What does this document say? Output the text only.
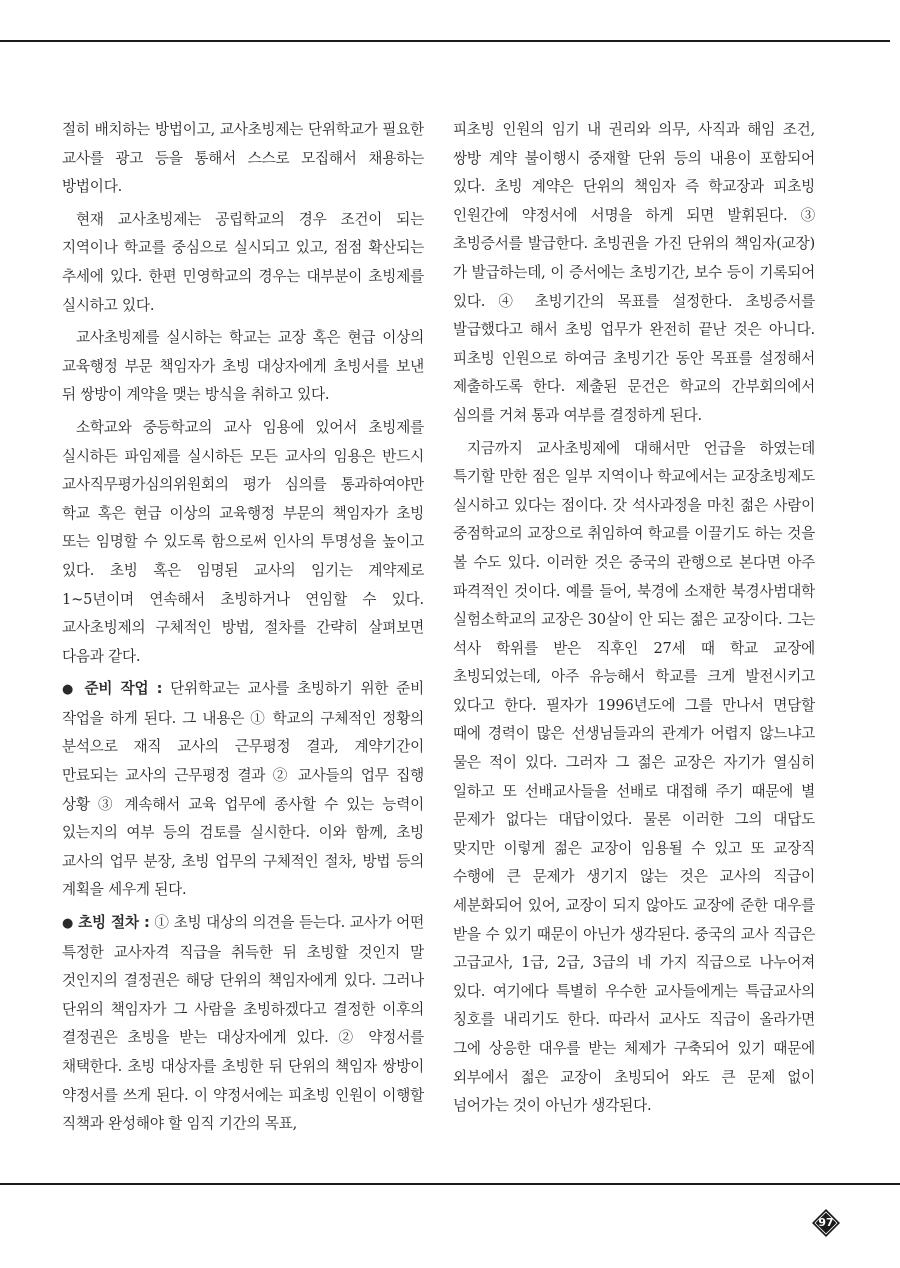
절히 배치하는 방법이고, 교사초빙제는 단위학교가 필요한 교사를 광고 등을 통해서 스스로 모집해서 채용하는 방법이다.

현재 교사초빙제는 공립학교의 경우 조건이 되는 지역이나 학교를 중심으로 실시되고 있고, 점점 확산되는 추세에 있다. 한편 민영학교의 경우는 대부분이 초빙제를 실시하고 있다.

교사초빙제를 실시하는 학교는 교장 혹은 현급 이상의 교육행정 부문 책임자가 초빙 대상자에게 초빙서를 보낸 뒤 쌍방이 계약을 맺는 방식을 취하고 있다.

소학교와 중등학교의 교사 임용에 있어서 초빙제를 실시하든 파임제를 실시하든 모든 교사의 임용은 반드시 교사직무평가심의위원회의 평가 심의를 통과하여야만 학교 혹은 현급 이상의 교육행정 부문의 책임자가 초빙 또는 임명할 수 있도록 함으로써 인사의 투명성을 높이고 있다. 초빙 혹은 임명된 교사의 임기는 계약제로 1~5년이며 연속해서 초빙하거나 연임할 수 있다. 교사초빙제의 구체적인 방법, 절차를 간략히 살펴보면 다음과 같다.

● 준비 작업 : 단위학교는 교사를 초빙하기 위한 준비 작업을 하게 된다. 그 내용은 ① 학교의 구체적인 정황의 분석으로 재직 교사의 근무평정 결과, 계약기간이 만료되는 교사의 근무평정 결과 ② 교사들의 업무 집행 상황 ③ 계속해서 교육 업무에 종사할 수 있는 능력이 있는지의 여부 등의 검토를 실시한다. 이와 함께, 초빙 교사의 업무 분장, 초빙 업무의 구체적인 절차, 방법 등의 계획을 세우게 된다.

● 초빙 절차 : ① 초빙 대상의 의견을 듣는다. 교사가 어떤 특정한 교사자격 직급을 취득한 뒤 초빙할 것인지 말 것인지의 결정권은 해당 단위의 책임자에게 있다. 그러나 단위의 책임자가 그 사람을 초빙하겠다고 결정한 이후의 결정권은 초빙을 받는 대상자에게 있다. ② 약정서를 채택한다. 초빙 대상자를 초빙한 뒤 단위의 책임자 쌍방이 약정서를 쓰게 된다. 이 약정서에는 피초빙 인원이 이행할 직책과 완성해야 할 임직 기간의 목표,

피초빙 인원의 임기 내 권리와 의무, 사직과 해임 조건, 쌍방 계약 불이행시 중재할 단위 등의 내용이 포함되어 있다. 초빙 계약은 단위의 책임자 즉 학교장과 피초빙 인원간에 약정서에 서명을 하게 되면 발휘된다. ③ 초빙증서를 발급한다. 초빙권을 가진 단위의 책임자(교장)가 발급하는데, 이 증서에는 초빙기간, 보수 등이 기록되어 있다. ④ 초빙기간의 목표를 설정한다. 초빙증서를 발급했다고 해서 초빙 업무가 완전히 끝난 것은 아니다. 피초빙 인원으로 하여금 초빙기간 동안 목표를 설정해서 제출하도록 한다. 제출된 문건은 학교의 간부회의에서 심의를 거쳐 통과 여부를 결정하게 된다.

지금까지 교사초빙제에 대해서만 언급을 하였는데 특기할 만한 점은 일부 지역이나 학교에서는 교장초빙제도 실시하고 있다는 점이다. 갓 석사과정을 마친 젊은 사람이 중점학교의 교장으로 취임하여 학교를 이끌기도 하는 것을 볼 수도 있다. 이러한 것은 중국의 관행으로 본다면 아주 파격적인 것이다. 예를 들어, 북경에 소재한 북경사범대학 실험소학교의 교장은 30살이 안 되는 젊은 교장이다. 그는 석사 학위를 받은 직후인 27세 때 학교 교장에 초빙되었는데, 아주 유능해서 학교를 크게 발전시키고 있다고 한다. 필자가 1996년도에 그를 만나서 면담할 때에 경력이 많은 선생님들과의 관계가 어렵지 않느냐고 물은 적이 있다. 그러자 그 젊은 교장은 자기가 열심히 일하고 또 선배교사들을 선배로 대접해 주기 때문에 별 문제가 없다는 대답이었다. 물론 이러한 그의 대답도 맞지만 이렇게 젊은 교장이 임용될 수 있고 또 교장직 수행에 큰 문제가 생기지 않는 것은 교사의 직급이 세분화되어 있어, 교장이 되지 않아도 교장에 준한 대우를 받을 수 있기 때문이 아닌가 생각된다. 중국의 교사 직급은 고급교사, 1급, 2급, 3급의 네 가지 직급으로 나누어져 있다. 여기에다 특별히 우수한 교사들에게는 특급교사의 칭호를 내리기도 한다. 따라서 교사도 직급이 올라가면 그에 상응한 대우를 받는 체제가 구축되어 있기 때문에 외부에서 젊은 교장이 초빙되어 와도 큰 문제 없이 넘어가는 것이 아닌가 생각된다.

97
